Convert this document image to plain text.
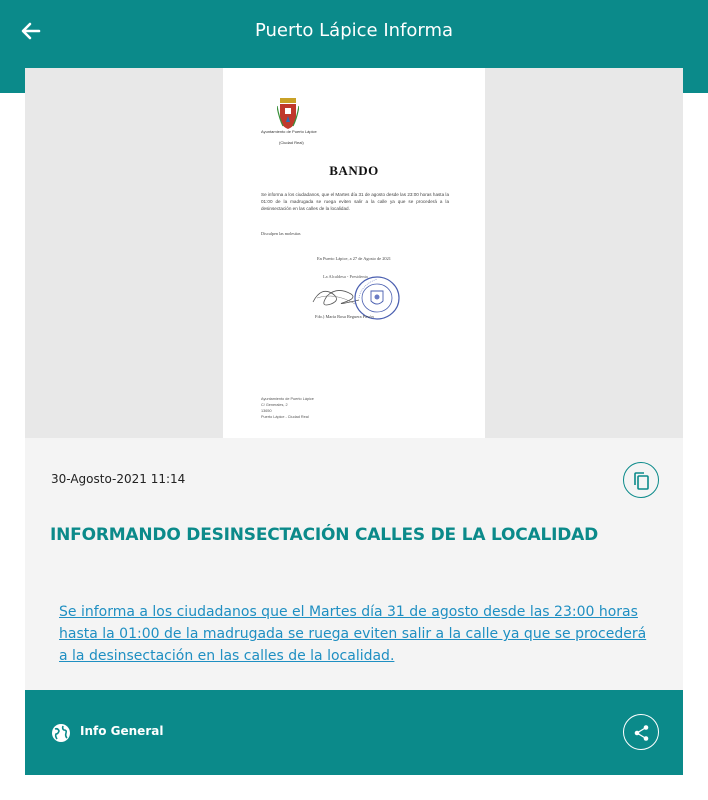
Puerto Lápice Informa
Ayuntamiento de Puerto Lápice
(Ciudad Real)
BANDO
Se informa a los ciudadanos, que el Martes día 31 de agosto desde las 23:00 horas hasta la 01:00 de la madrugada se ruega eviten salir a la calle ya que se procederá a la desinsectación en las calles de la localidad.
Disculpen las molestias
En Puerto Lápice, a 27 de Agosto de 2021
La Alcaldesa - Presidenta
Fdo.) María Rosa Reguera Pavón
Ayuntamiento de Puerto Lápice
C/ Generales, 2
13650
Puerto Lápice - Ciudad Real
30-Agosto-2021 11:14
INFORMANDO DESINSECTACIÓN CALLES DE LA LOCALIDAD
Se informa a los ciudadanos que el Martes día 31 de agosto desde las 23:00 horas hasta la 01:00 de la madrugada se ruega eviten salir a la calle ya que se procederá a la desinsectación en las calles de la localidad.
Info General
